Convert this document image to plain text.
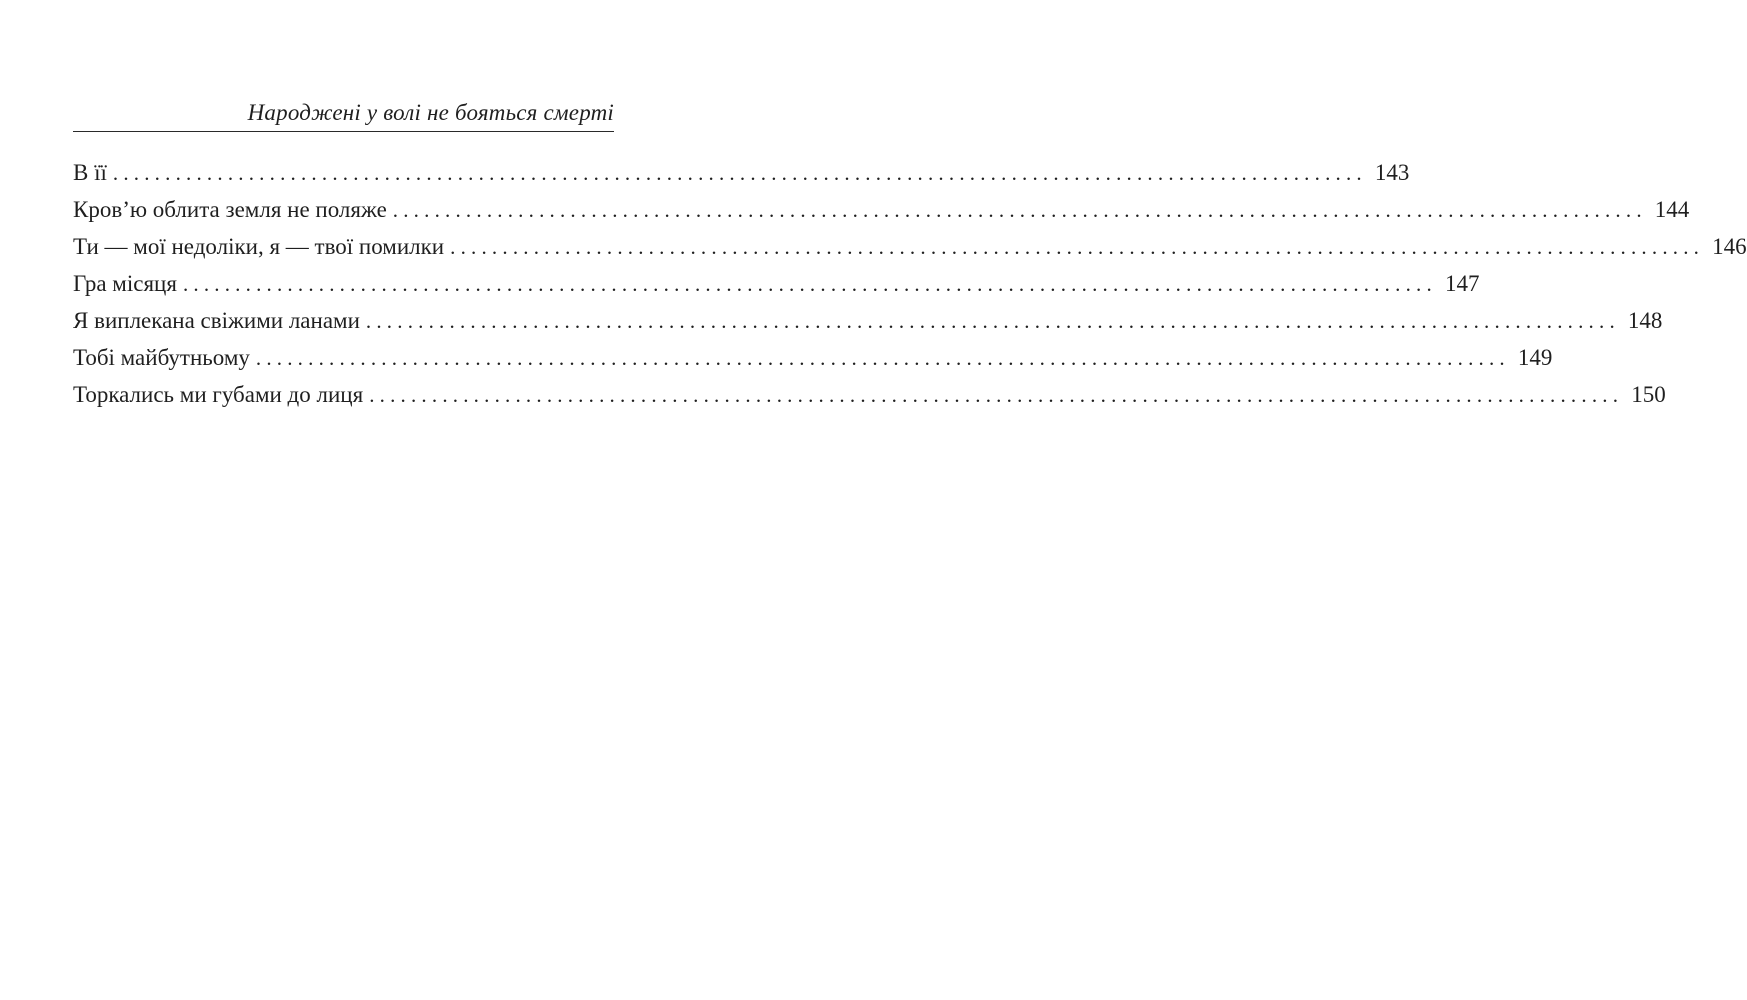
Народжені у волі не бояться смерті
В її ........................................................................................................................ 143
Кров’ю облита земля не поляже ........................................................................................................................ 144
Ти — мої недоліки, я — твої помилки ........................................................................................................................ 146
Гра місяця ........................................................................................................................ 147
Я виплекана свіжими ланами ........................................................................................................................ 148
Тобі майбутньому ........................................................................................................................ 149
Торкались ми губами до лиця ........................................................................................................................ 150
